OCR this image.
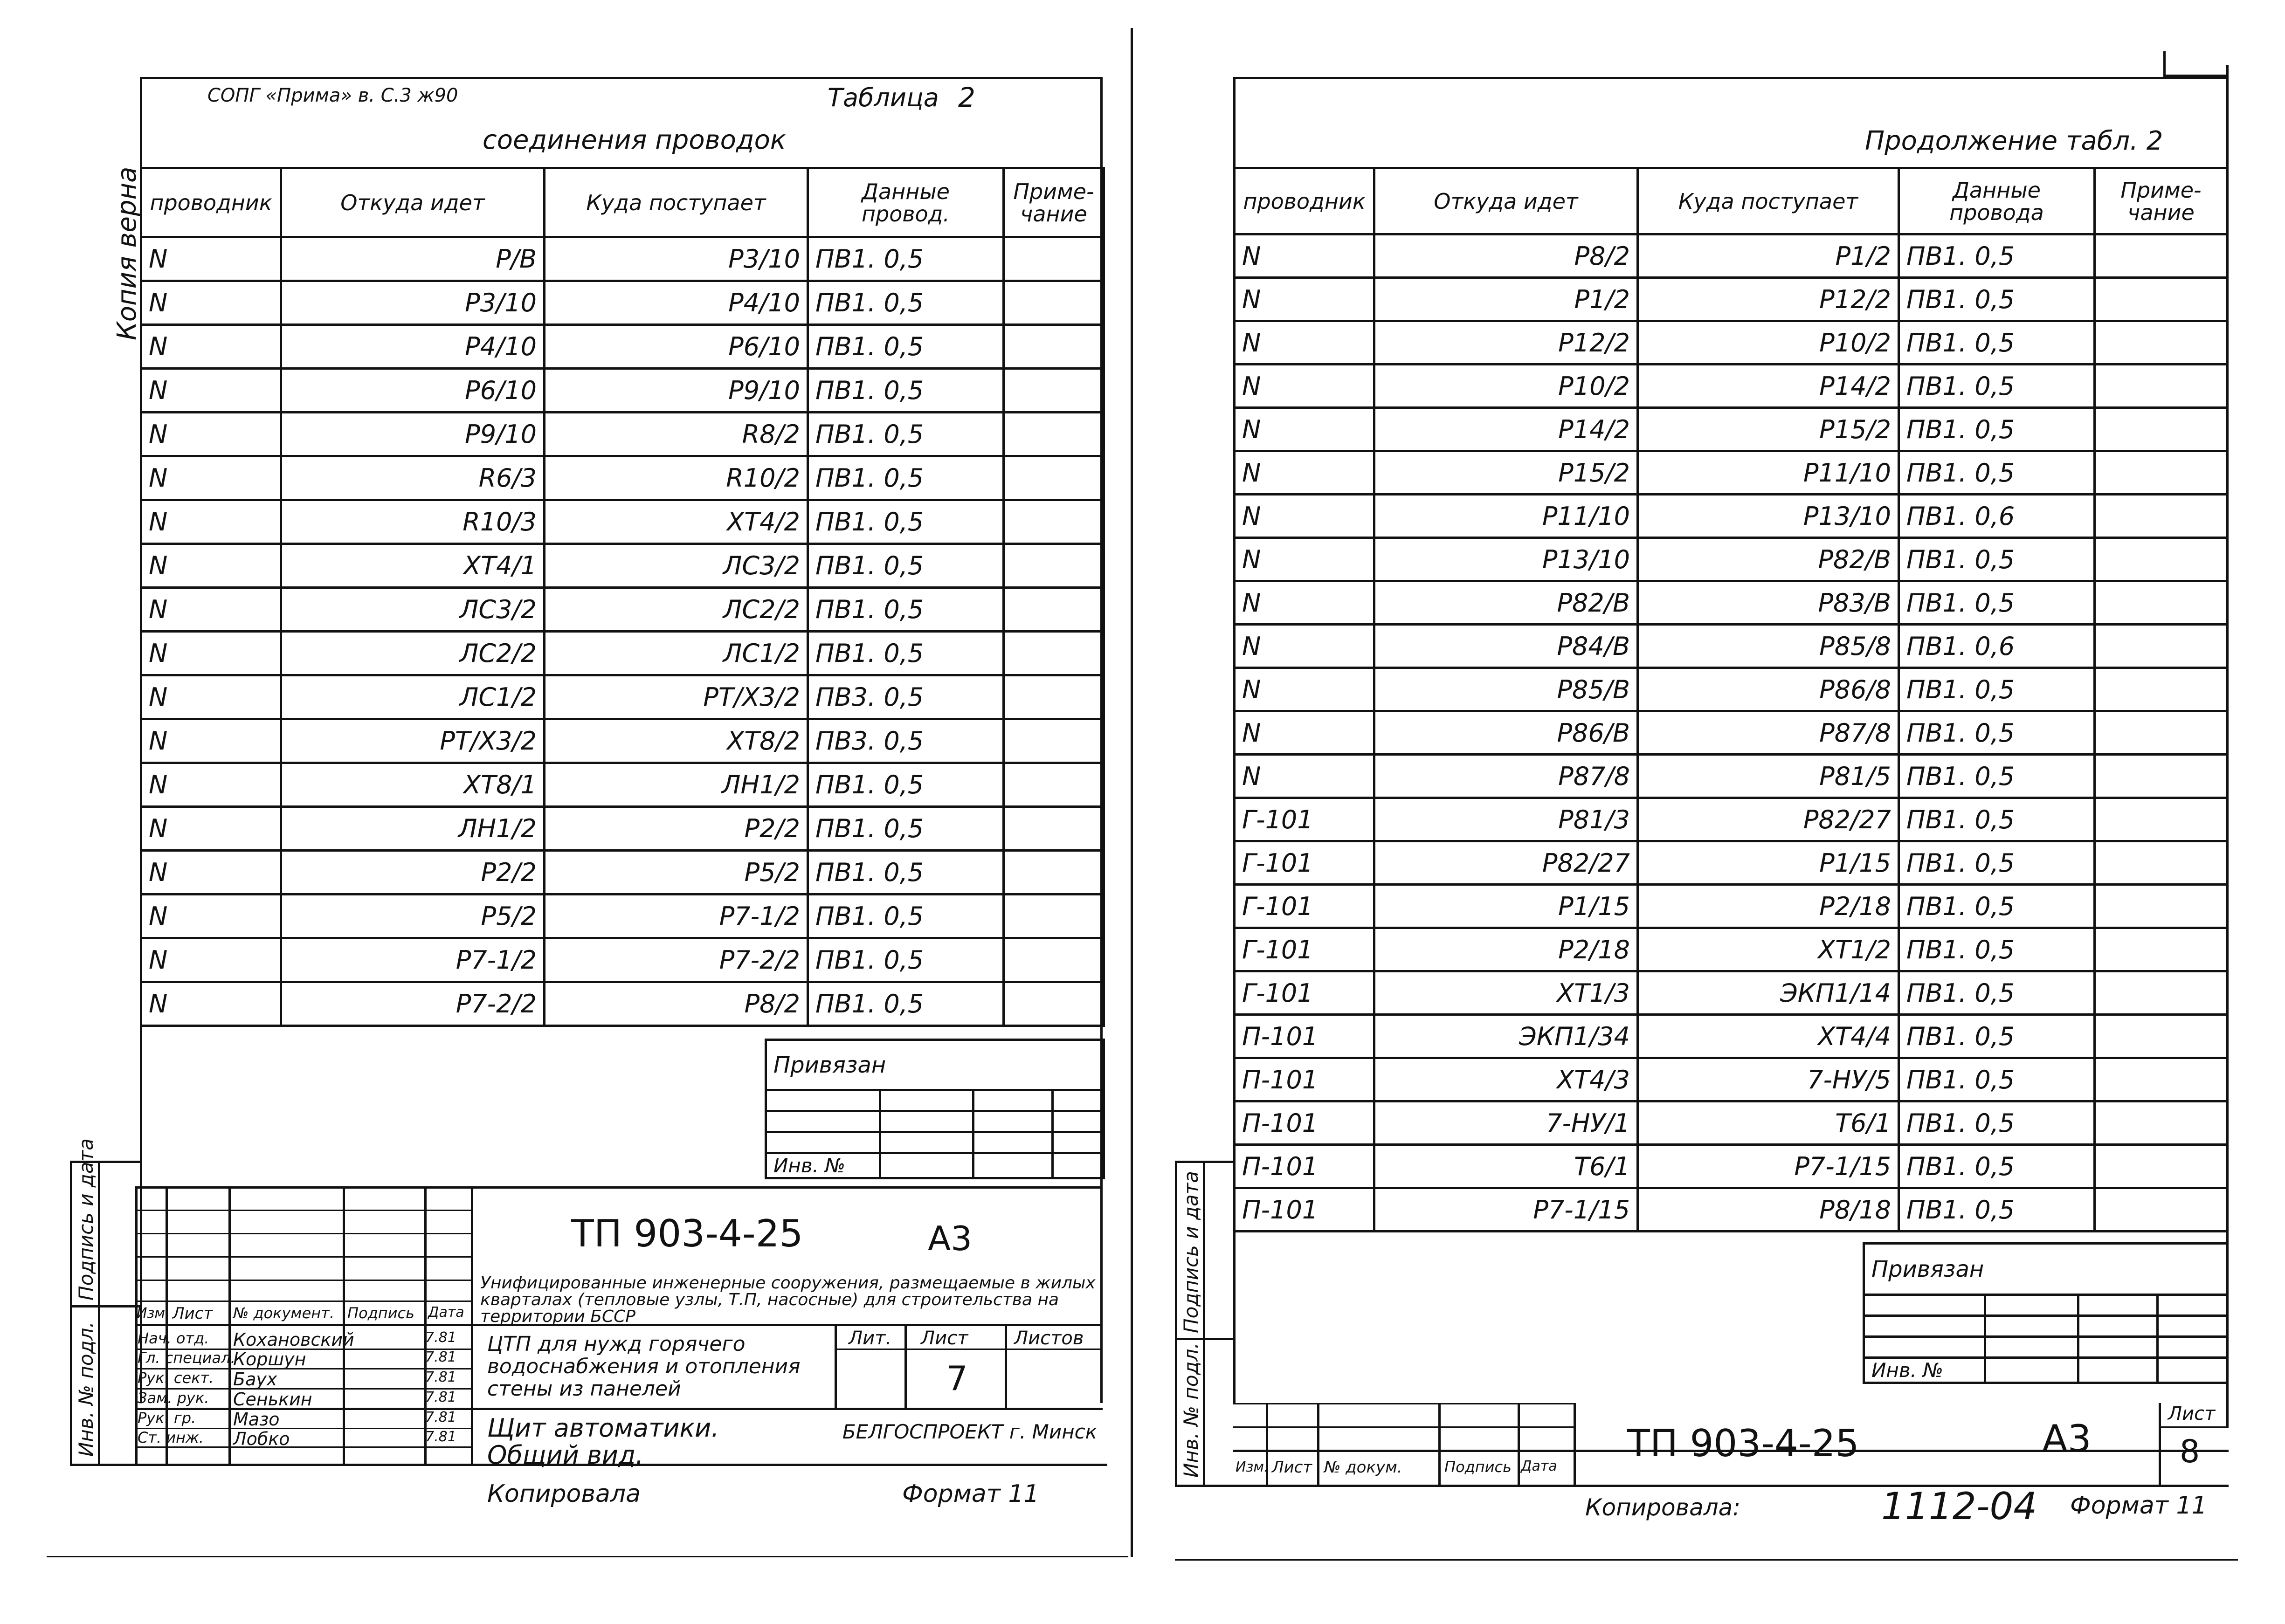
Копия верна
СОПГ «Прима» в. С.3 ж90	Таблица 2
соединения проводок
проводник	Откуда идет	Куда поступает	Данные провод.	Приме-чание
N	P/B	P3/10	ПВ1. 0,5	
N	P3/10	P4/10	ПВ1. 0,5	
N	P4/10	P6/10	ПВ1. 0,5	
N	P6/10	P9/10	ПВ1. 0,5	
N	P9/10	R8/2	ПВ1. 0,5	
N	R6/3	R10/2	ПВ1. 0,5	
N	R10/3	XT4/2	ПВ1. 0,5	
N	XT4/1	ЛС3/2	ПВ1. 0,5	
N	ЛС3/2	ЛС2/2	ПВ1. 0,5	
N	ЛС2/2	ЛС1/2	ПВ1. 0,5	
N	ЛС1/2	PT/X3/2	ПВ3. 0,5	
N	PT/X3/2	XT8/2	ПВ3. 0,5	
N	XT8/1	ЛН1/2	ПВ1. 0,5	
N	ЛН1/2	P2/2	ПВ1. 0,5	
N	P2/2	P5/2	ПВ1. 0,5	
N	P5/2	P7-1/2	ПВ1. 0,5	
N	P7-1/2	P7-2/2	ПВ1. 0,5	
N	P7-2/2	P8/2	ПВ1. 0,5	
Привязан			

Инв. №			
Инв. № подл.
Подпись и дата	ТП 903-4-25	А3
Унифицированные инженерные сооружения, размещаемые в жилых кварталах (тепловые узлы, Т.П, насосные) для строительства на территории БССР
Изм. Лист № документ. Подпись Дата
Нач. отд. Кохановский	7.81
Гл. специал.
Коршун	7.81
Рук. сект. Баух	7.81
Зам. рук. Сенькин	7.81
Рук. гр. Мазо	7.81
Ст. инж. Лобко	7.81
ЦТП для нужд горячего водоснабжения и отопления стены из панелей
Лит. Лист Листов
7
Щит автоматики. Общий вид.
БЕЛГОСПРОЕКТ г. Минск
Копировала	Формат 11
Продолжение табл. 2
проводник	Откуда идет	Куда поступает	Данные провода	Приме-чание
N	P8/2	P1/2	ПВ1. 0,5	
N	P1/2	P12/2	ПВ1. 0,5	
N	P12/2	P10/2	ПВ1. 0,5	
N	P10/2	P14/2	ПВ1. 0,5	
N	P14/2	P15/2	ПВ1. 0,5	
N	P15/2	P11/10	ПВ1. 0,5	
N	P11/10	P13/10	ПВ1. 0,6	
N	P13/10	P82/B	ПВ1. 0,5	
N	P82/B	P83/B	ПВ1. 0,5	
N	P84/B	P85/8	ПВ1. 0,6	
N	P85/B	P86/8	ПВ1. 0,5	
N	P86/B	P87/8	ПВ1. 0,5	
N	P87/8	P81/5	ПВ1. 0,5	
Г-101	P81/3	P82/27	ПВ1. 0,5	
Г-101	P82/27	P1/15	ПВ1. 0,5	
Г-101	P1/15	P2/18	ПВ1. 0,5	
Г-101	P2/18	XT1/2	ПВ1. 0,5	
Г-101	XT1/3	ЭКП1/14	ПВ1. 0,5	
П-101	ЭКП1/34	XT4/4	ПВ1. 0,5	
П-101	XT4/3	7-НУ/5	ПВ1. 0,5	
П-101	7-НУ/1	Т6/1	ПВ1. 0,5	
П-101	Т6/1	P7-1/15	ПВ1. 0,5	
П-101	P7-1/15	P8/18	ПВ1. 0,5	
Привязан			

Инв. №			
Инв. № подл.
Подпись и дата
Изм. Лист № докум.	Подпись Дата
ТП 903-4-25	А3
Лист
8
Копировала:	1112-04 Формат 11
